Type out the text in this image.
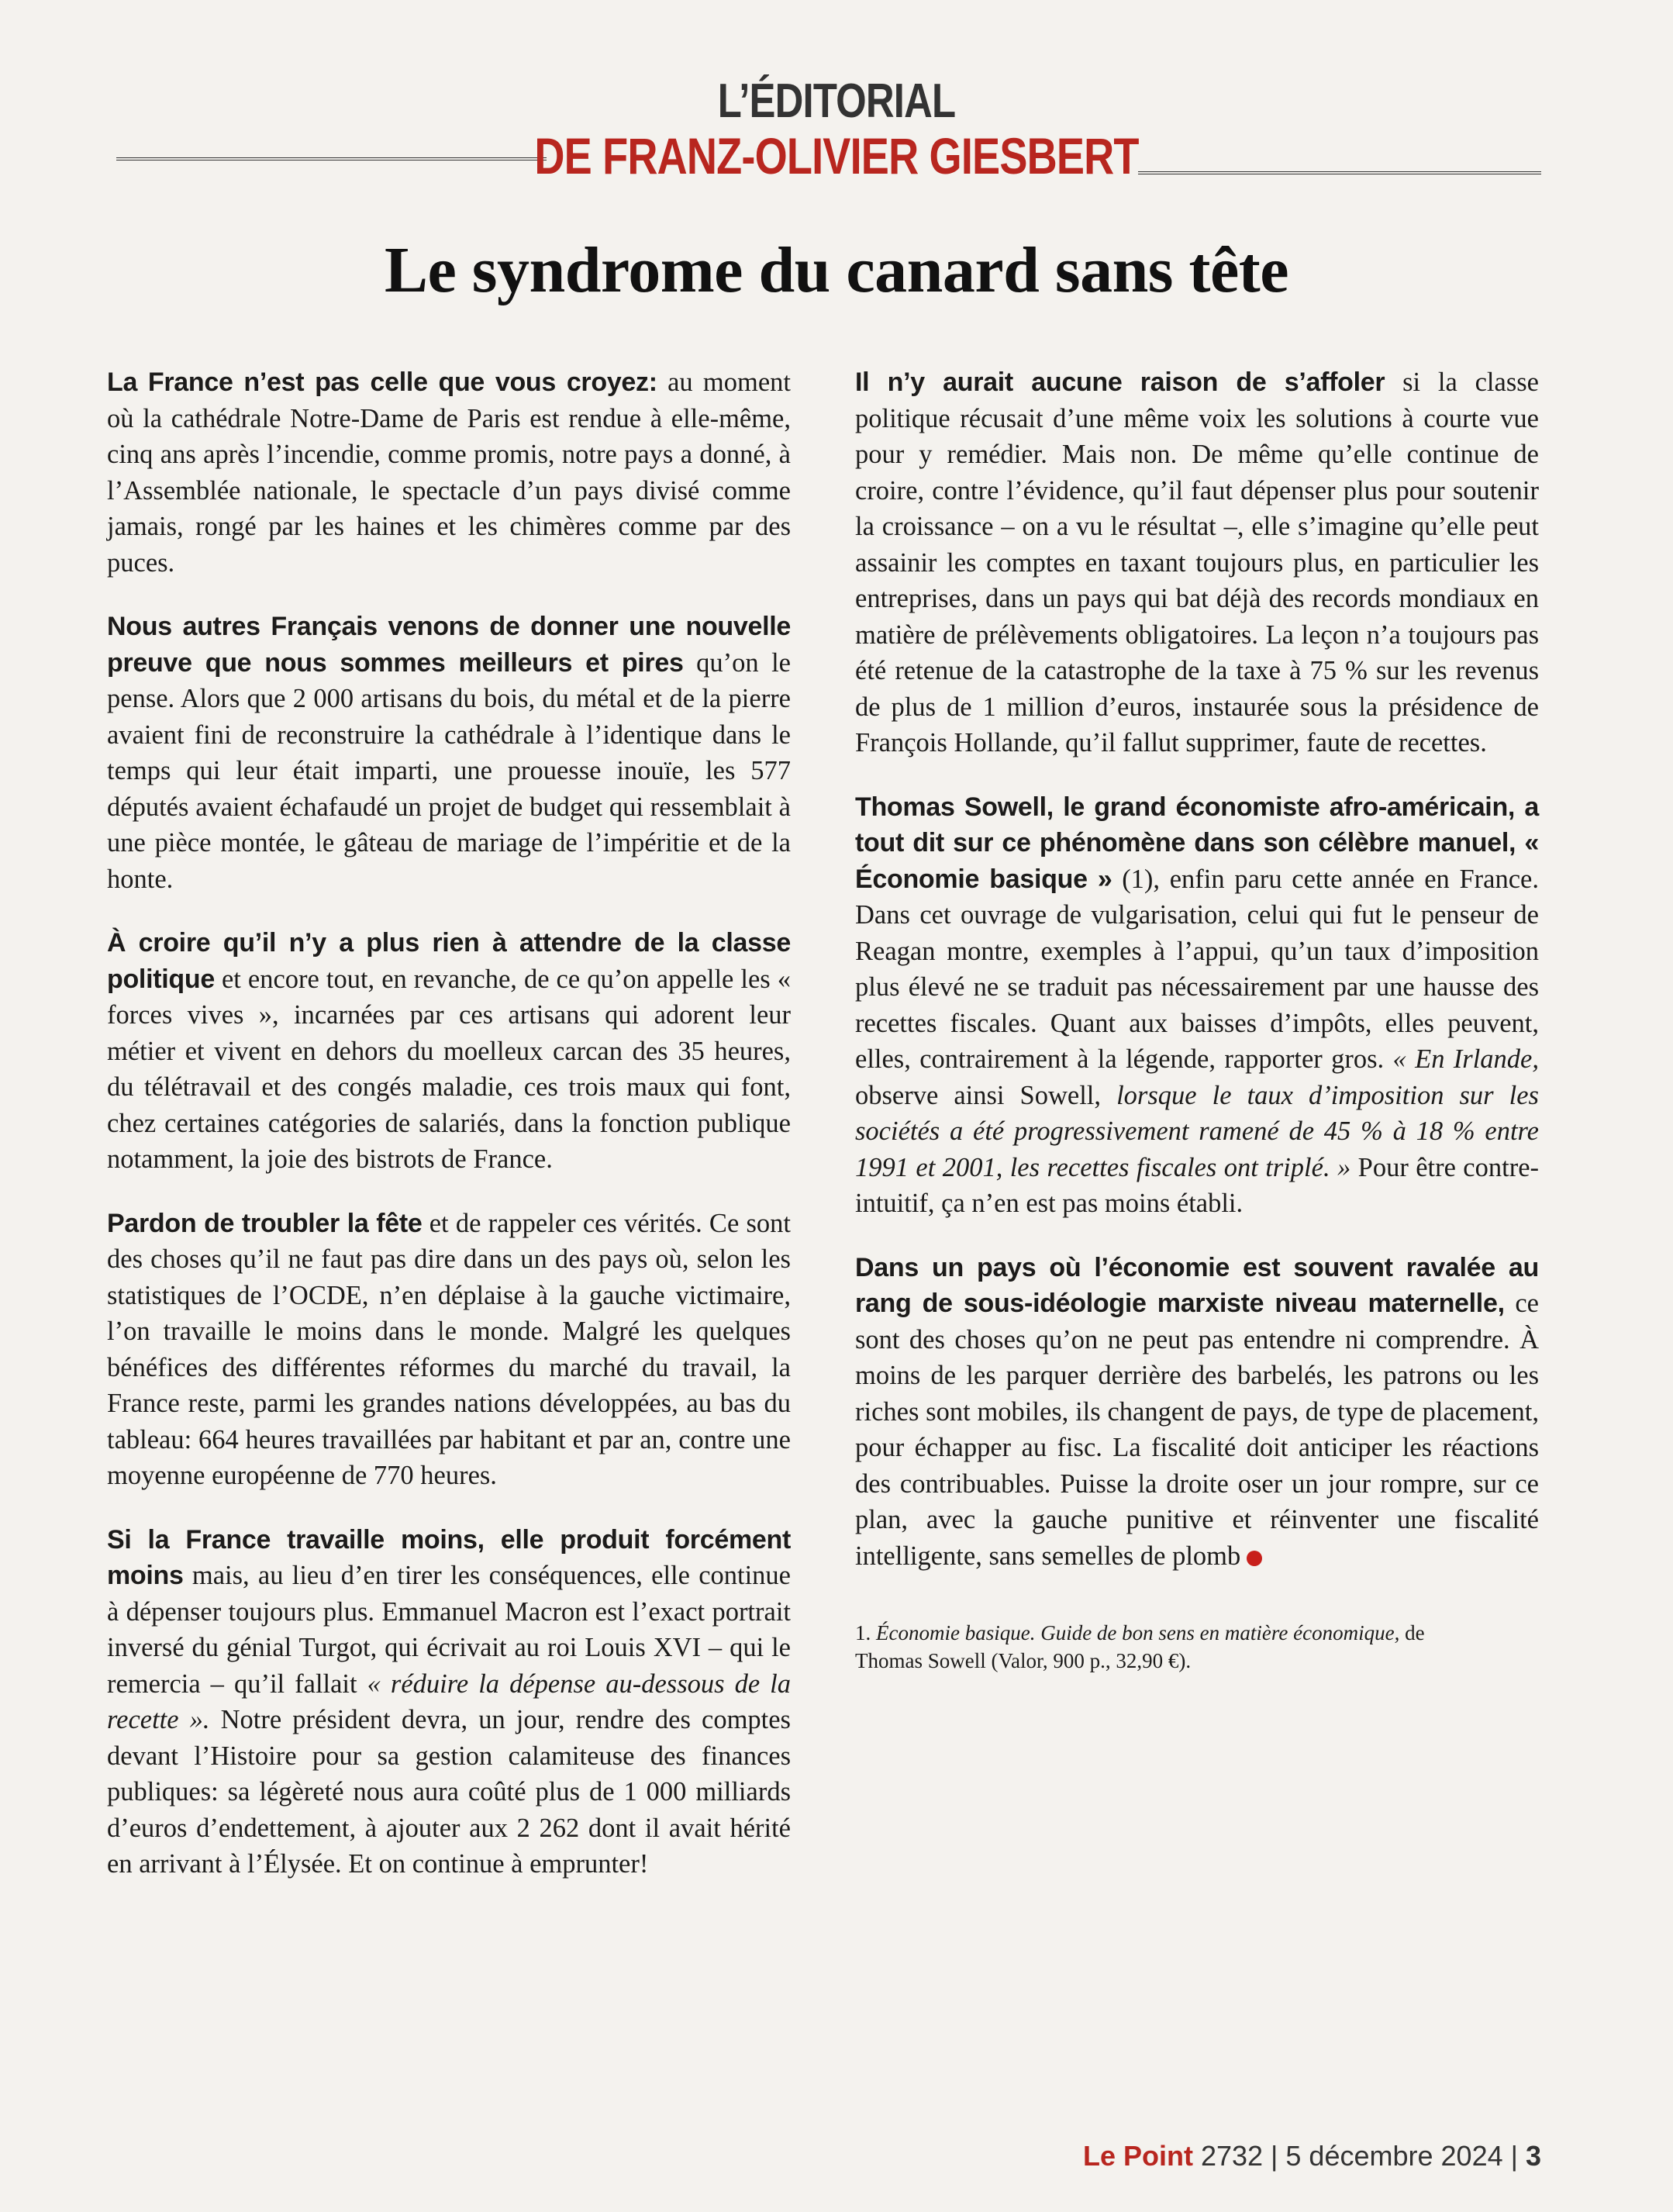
L’ÉDITORIAL
DE FRANZ-OLIVIER GIESBERT
Le syndrome du canard sans tête

La France n’est pas celle que vous croyez: au moment où la cathédrale Notre-Dame de Paris est rendue à elle-même, cinq ans après l’incendie, comme promis, notre pays a donné, à l’Assemblée nationale, le spectacle d’un pays divisé comme jamais, rongé par les haines et les chimères comme par des puces.

Nous autres Français venons de donner une nouvelle preuve que nous sommes meilleurs et pires qu’on le pense. Alors que 2 000 artisans du bois, du métal et de la pierre avaient fini de reconstruire la cathédrale à l’identique dans le temps qui leur était imparti, une prouesse inouïe, les 577 députés avaient échafaudé un projet de budget qui ressemblait à une pièce montée, le gâteau de mariage de l’impéritie et de la honte.

À croire qu’il n’y a plus rien à attendre de la classe politique et encore tout, en revanche, de ce qu’on appelle les « forces vives », incarnées par ces artisans qui adorent leur métier et vivent en dehors du moelleux carcan des 35 heures, du télétravail et des congés maladie, ces trois maux qui font, chez certaines catégories de salariés, dans la fonction publique notamment, la joie des bistrots de France.

Pardon de troubler la fête et de rappeler ces vérités. Ce sont des choses qu’il ne faut pas dire dans un des pays où, selon les statistiques de l’OCDE, n’en déplaise à la gauche victimaire, l’on travaille le moins dans le monde. Malgré les quelques bénéfices des différentes réformes du marché du travail, la France reste, parmi les grandes nations développées, au bas du tableau: 664 heures travaillées par habitant et par an, contre une moyenne européenne de 770 heures.

Si la France travaille moins, elle produit forcément moins mais, au lieu d’en tirer les conséquences, elle continue à dépenser toujours plus. Emmanuel Macron est l’exact portrait inversé du génial Turgot, qui écrivait au roi Louis XVI – qui le remercia – qu’il fallait « réduire la dépense au-dessous de la recette ». Notre président devra, un jour, rendre des comptes devant l’Histoire pour sa gestion calamiteuse des finances publiques: sa légèreté nous aura coûté plus de 1 000 milliards d’euros d’endettement, à ajouter aux 2 262 dont il avait hérité en arrivant à l’Élysée. Et on continue à emprunter!

Il n’y aurait aucune raison de s’affoler si la classe politique récusait d’une même voix les solutions à courte vue pour y remédier. Mais non. De même qu’elle continue de croire, contre l’évidence, qu’il faut dépenser plus pour soutenir la croissance – on a vu le résultat –, elle s’imagine qu’elle peut assainir les comptes en taxant toujours plus, en particulier les entreprises, dans un pays qui bat déjà des records mondiaux en matière de prélèvements obligatoires. La leçon n’a toujours pas été retenue de la catastrophe de la taxe à 75 % sur les revenus de plus de 1 million d’euros, instaurée sous la présidence de François Hollande, qu’il fallut supprimer, faute de recettes.

Thomas Sowell, le grand économiste afro-américain, a tout dit sur ce phénomène dans son célèbre manuel, « Économie basique » (1), enfin paru cette année en France. Dans cet ouvrage de vulgarisation, celui qui fut le penseur de Reagan montre, exemples à l’appui, qu’un taux d’imposition plus élevé ne se traduit pas nécessairement par une hausse des recettes fiscales. Quant aux baisses d’impôts, elles peuvent, elles, contrairement à la légende, rapporter gros. « En Irlande, observe ainsi Sowell, lorsque le taux d’imposition sur les sociétés a été progressivement ramené de 45 % à 18 % entre 1991 et 2001, les recettes fiscales ont triplé. » Pour être contre-intuitif, ça n’en est pas moins établi.

Dans un pays où l’économie est souvent ravalée au rang de sous-idéologie marxiste niveau maternelle, ce sont des choses qu’on ne peut pas entendre ni comprendre. À moins de les parquer derrière des barbelés, les patrons ou les riches sont mobiles, ils changent de pays, de type de placement, pour échapper au fisc. La fiscalité doit anticiper les réactions des contribuables. Puisse la droite oser un jour rompre, sur ce plan, avec la gauche punitive et réinventer une fiscalité intelligente, sans semelles de plomb

1. Économie basique. Guide de bon sens en matière économique, de Thomas Sowell (Valor, 900 p., 32,90 €).

Le Point 2732 | 5 décembre 2024 | 3
